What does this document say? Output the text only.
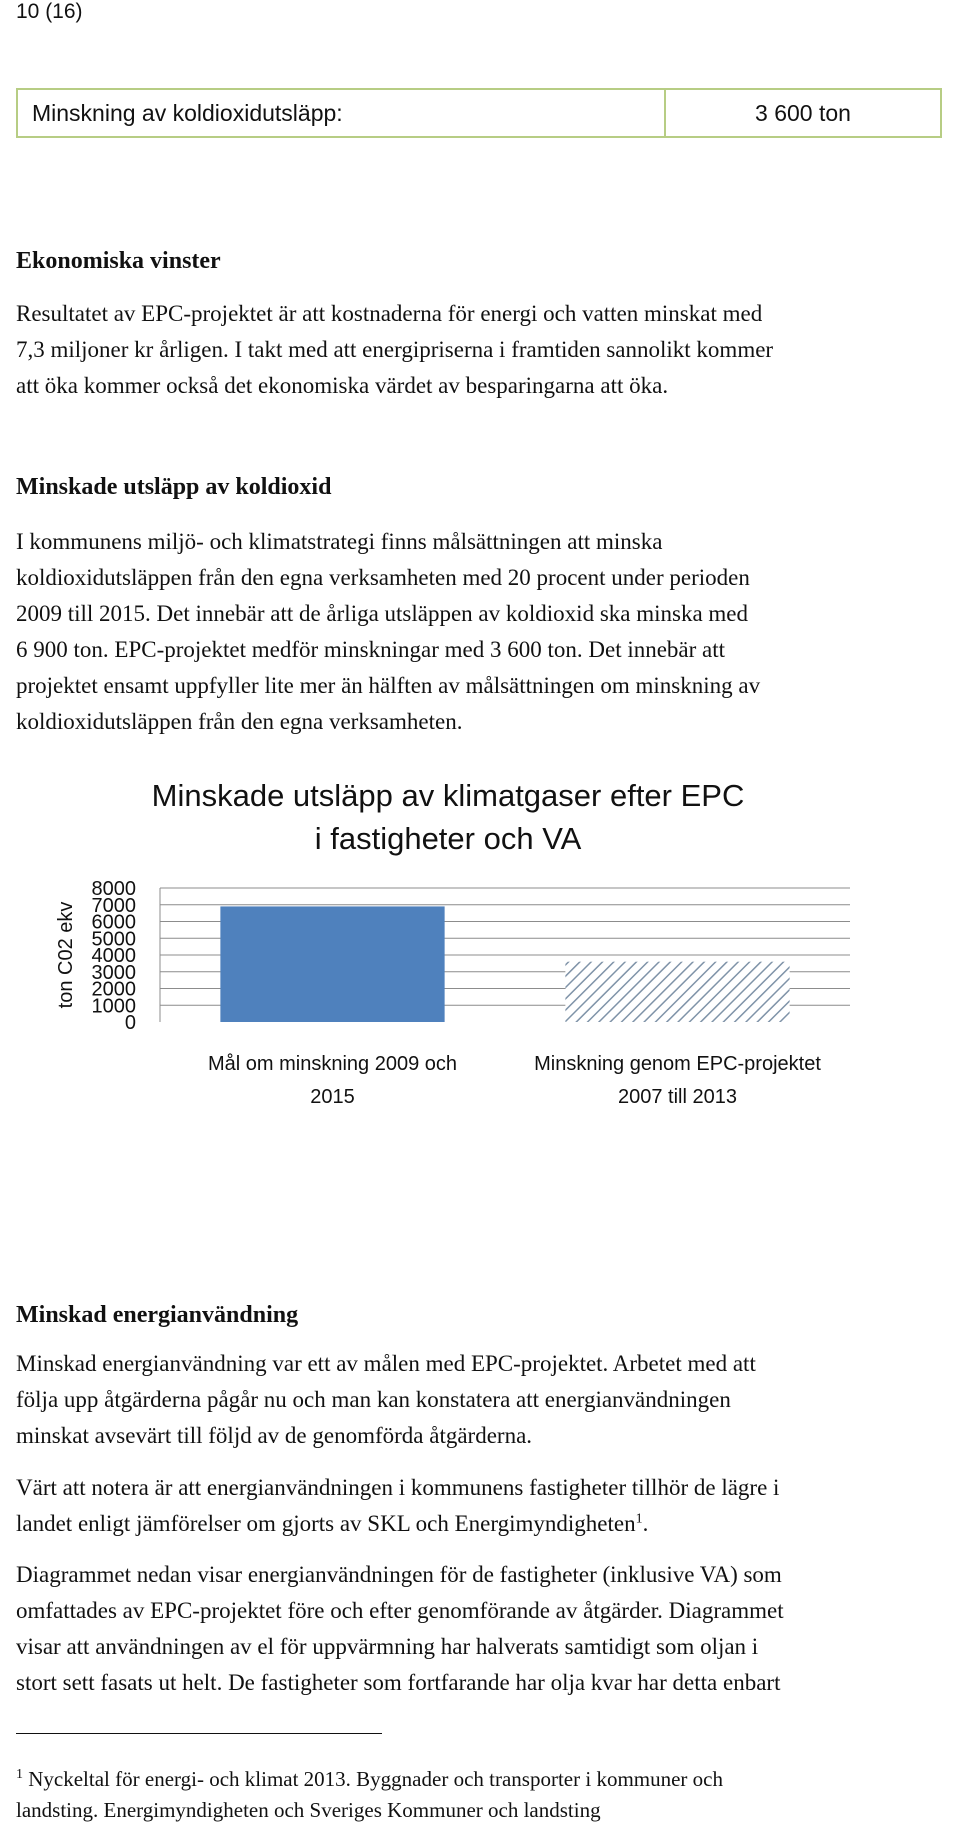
10 (16)
Minskning av koldioxidutsläpp:	3 600 ton
Ekonomiska vinster

Resultatet av EPC-projektet är att kostnaderna för energi och vatten minskat med

7,3 miljoner kr årligen. I takt med att energipriserna i framtiden sannolikt kommer

att öka kommer också det ekonomiska värdet av besparingarna att öka.

Minskade utsläpp av koldioxid

I kommunens miljö- och klimatstrategi finns målsättningen att minska

koldioxidutsläppen från den egna verksamheten med 20 procent under perioden

2009 till 2015. Det innebär att de årliga utsläppen av koldioxid ska minska med

6 900 ton. EPC-projektet medför minskningar med 3 600 ton. Det innebär att

projektet ensamt uppfyller lite mer än hälften av målsättningen om minskning av

koldioxidutsläppen från den egna verksamheten.

Minskade utsläpp av klimatgaser efter EPC
i fastigheter och VA
ton C02 ekv
8000
7000
6000
5000
4000
3000
2000
1000
0
Mål om minskning 2009 och
2015
Minskning genom EPC-projektet
2007 till 2013
Minskad energianvändning

Minskad energianvändning var ett av målen med EPC-projektet. Arbetet med att

följa upp åtgärderna pågår nu och man kan konstatera att energianvändningen

minskat avsevärt till följd av de genomförda åtgärderna.

Värt att notera är att energianvändningen i kommunens fastigheter tillhör de lägre i

landet enligt jämförelser om gjorts av SKL och Energimyndigheten$^1$.

Diagrammet nedan visar energianvändningen för de fastigheter (inklusive VA) som

omfattades av EPC-projektet före och efter genomförande av åtgärder. Diagrammet

visar att användningen av el för uppvärmning har halverats samtidigt som oljan i

stort sett fasats ut helt. De fastigheter som fortfarande har olja kvar har detta enbart

$^1$ Nyckeltal för energi- och klimat 2013. Byggnader och transporter i kommuner och
landsting. Energimyndigheten och Sveriges Kommuner och landsting
